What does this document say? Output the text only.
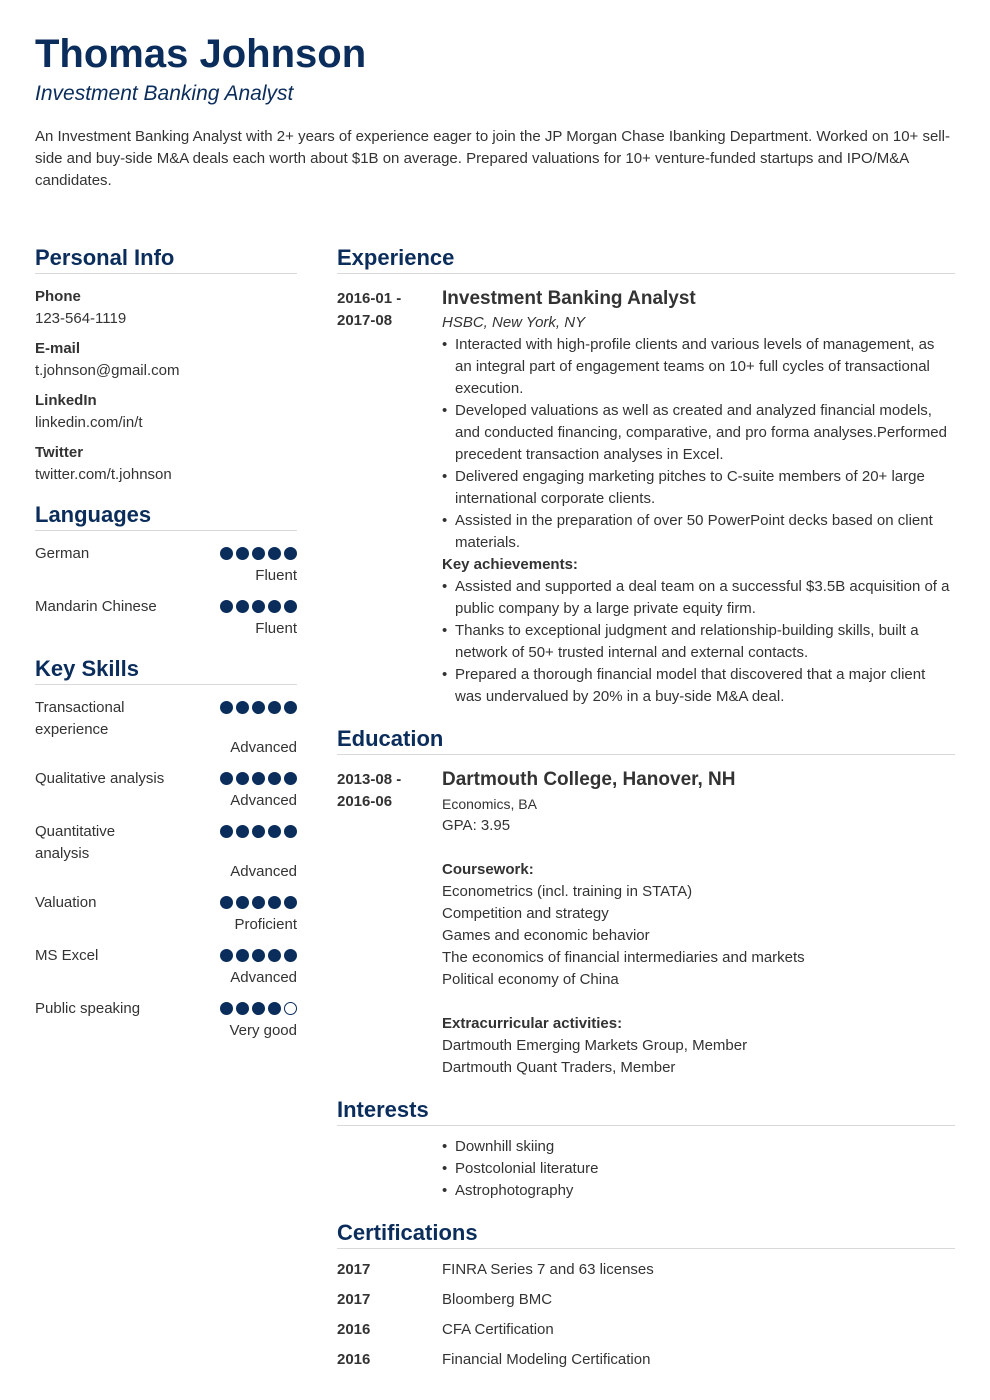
Thomas Johnson
Investment Banking Analyst

An Investment Banking Analyst with 2+ years of experience eager to join the JP Morgan Chase Ibanking Department. Worked on 10+ sell-side and buy-side M&A deals each worth about $1B on average. Prepared valuations for 10+ venture-funded startups and IPO/M&A candidates.

Personal Info
Phone
123-564-1119
E-mail
t.johnson@gmail.com
LinkedIn
linkedin.com/in/t
Twitter
twitter.com/t.johnson
Languages
German
Fluent
Mandarin Chinese
Fluent
Key Skills
Transactional experience
Advanced
Qualitative analysis
Advanced
Quantitative analysis
Advanced
Valuation
Proficient
MS Excel
Advanced
Public speaking
Very good
Experience
2016-01 -
2017-08
Investment Banking Analyst
HSBC, New York, NY
• Interacted with high-profile clients and various levels of management, as an integral part of engagement teams on 10+ full cycles of transactional execution.
• Developed valuations as well as created and analyzed financial models, and conducted financing, comparative, and pro forma analyses.Performed precedent transaction analyses in Excel.
• Delivered engaging marketing pitches to C-suite members of 20+ large international corporate clients.
• Assisted in the preparation of over 50 PowerPoint decks based on client materials.
Key achievements:
• Assisted and supported a deal team on a successful $3.5B acquisition of a public company by a large private equity firm.
• Thanks to exceptional judgment and relationship-building skills, built a network of 50+ trusted internal and external contacts.
• Prepared a thorough financial model that discovered that a major client was undervalued by 20% in a buy-side M&A deal.
Education
2013-08 -
2016-06
Dartmouth College, Hanover, NH
Economics, BA
GPA: 3.95
Coursework:
Econometrics (incl. training in STATA)
Competition and strategy
Games and economic behavior
The economics of financial intermediaries and markets
Political economy of China
Extracurricular activities:
Dartmouth Emerging Markets Group, Member
Dartmouth Quant Traders, Member
Interests
• Downhill skiing
• Postcolonial literature
• Astrophotography
Certifications
2017	FINRA Series 7 and 63 licenses
2017	Bloomberg BMC
2016	CFA Certification
2016	Financial Modeling Certification
